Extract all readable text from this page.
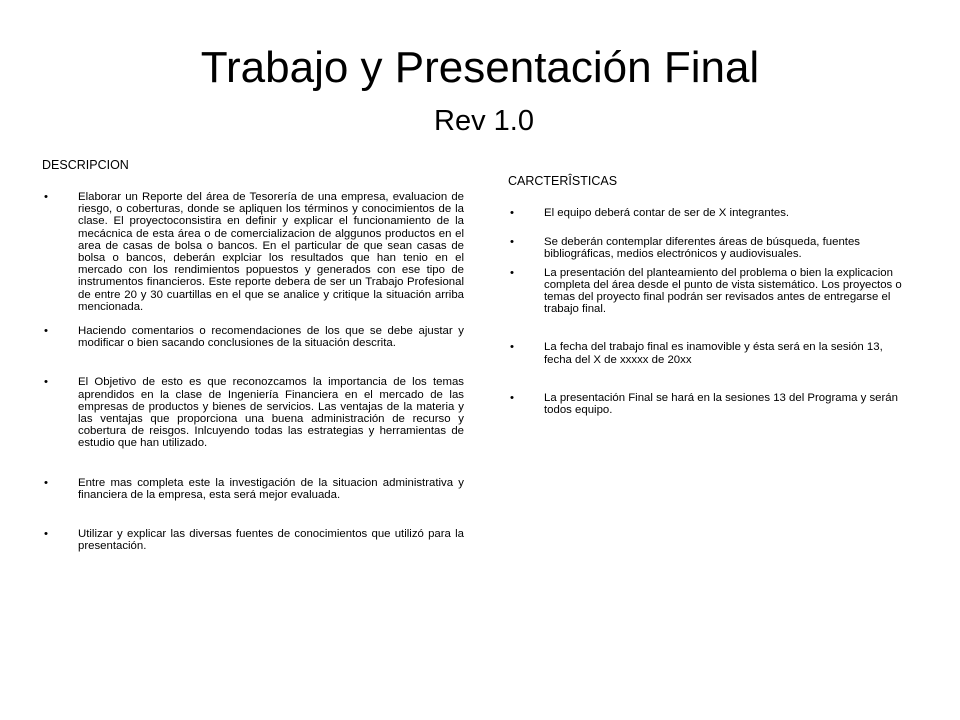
Trabajo y Presentación Final
Rev 1.0
DESCRIPCION
•	Elaborar un Reporte del área de Tesorería de una empresa, evaluacion de riesgo, o coberturas, donde se apliquen los términos y conocimientos de la clase. El proyectoconsistira en definir y explicar el funcionamiento de la mecácnica de esta área o de comercializacion de alggunos productos en el area de casas de bolsa o bancos. En el particular de que sean casas de bolsa o bancos, deberán explciar los resultados que han tenio en el mercado con los rendimientos popuestos y generados con ese tipo de instrumentos financieros. Este reporte debera de ser un Trabajo Profesional de entre 20 y 30 cuartillas en el que se analice y critique la situación arriba mencionada.
•	Haciendo comentarios o recomendaciones de los que se debe ajustar y modificar o bien sacando conclusiones de la situación descrita.
•	El Objetivo de esto es que reconozcamos la importancia de los temas aprendidos en la clase de Ingeniería Financiera en el mercado de las empresas de productos y bienes de servicios. Las ventajas de la materia y las ventajas que proporciona una buena administración de recurso y cobertura de reisgos. Inlcuyendo todas las estrategias y herramientas de estudio que han utilizado.
•	Entre mas completa este la investigación de la situacion administrativa y financiera de la empresa, esta será mejor evaluada.
•	Utilizar y explicar las diversas fuentes de conocimientos que utilizó para la presentación.
CARCTERÎSTICAS
•	El equipo deberá contar de ser de X integrantes.
•	Se deberán contemplar diferentes áreas de búsqueda, fuentes bibliográficas, medios electrónicos y audiovisuales.
•	La presentación del planteamiento del problema o bien la explicacion completa del área desde el punto de vista sistemático. Los proyectos o temas del proyecto final podrán ser revisados antes de entregarse el trabajo final.
•	La fecha del trabajo final es inamovible y ésta será en la sesión 13, fecha del X de xxxxx de 20xx
•	La presentación Final se hará en la sesiones 13 del Programa y serán todos equipo.
